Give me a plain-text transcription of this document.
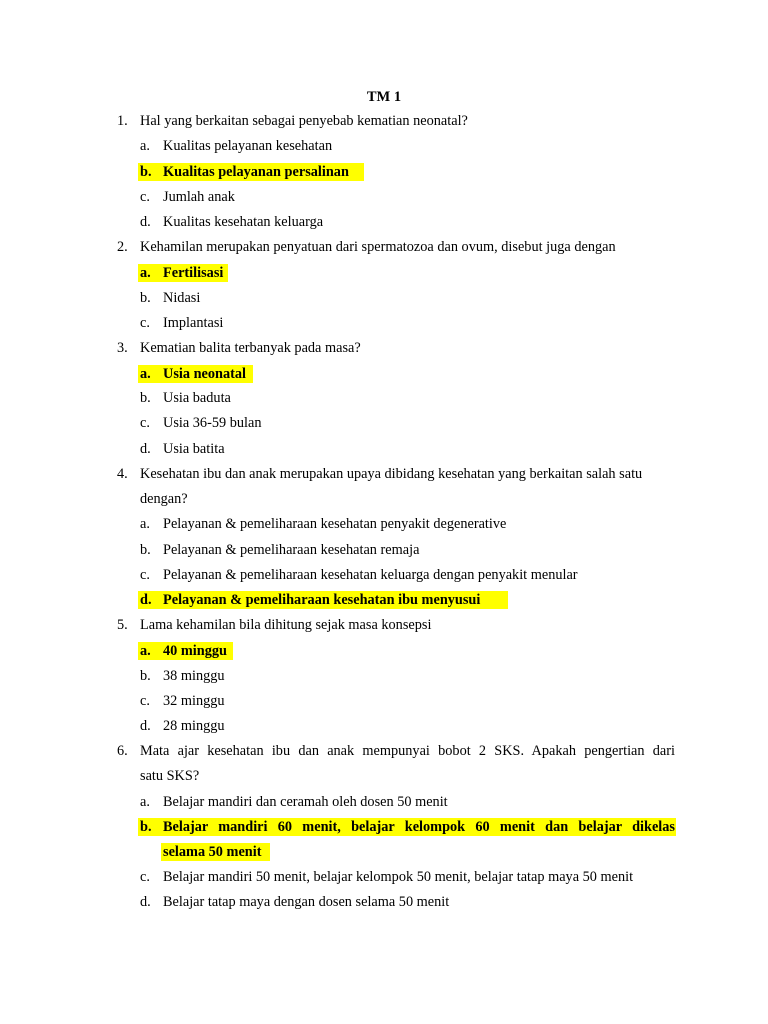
TM 1
1. Hal yang berkaitan sebagai penyebab kematian neonatal?
a. Kualitas pelayanan kesehatan
b. Kualitas pelayanan persalinan
c. Jumlah anak
d. Kualitas kesehatan keluarga
2. Kehamilan merupakan penyatuan dari spermatozoa dan ovum, disebut juga dengan
a. Fertilisasi
b. Nidasi
c. Implantasi
3. Kematian balita terbanyak pada masa?
a. Usia neonatal
b. Usia baduta
c. Usia 36-59 bulan
d. Usia batita
4. Kesehatan ibu dan anak merupakan upaya dibidang kesehatan yang berkaitan salah satu
dengan?
a. Pelayanan & pemeliharaan kesehatan penyakit degenerative
b. Pelayanan & pemeliharaan kesehatan remaja
c. Pelayanan & pemeliharaan kesehatan keluarga dengan penyakit menular
d. Pelayanan & pemeliharaan kesehatan ibu menyusui
5. Lama kehamilan bila dihitung sejak masa konsepsi
a. 40 minggu
b. 38 minggu
c. 32 minggu
d. 28 minggu
6. Mata ajar kesehatan ibu dan anak mempunyai bobot 2 SKS. Apakah pengertian dari
satu SKS?
a. Belajar mandiri dan ceramah oleh dosen 50 menit
b. Belajar mandiri 60 menit, belajar kelompok 60 menit dan belajar dikelas
selama 50 menit
c. Belajar mandiri 50 menit, belajar kelompok 50 menit, belajar tatap maya 50 menit
d. Belajar tatap maya dengan dosen selama 50 menit
